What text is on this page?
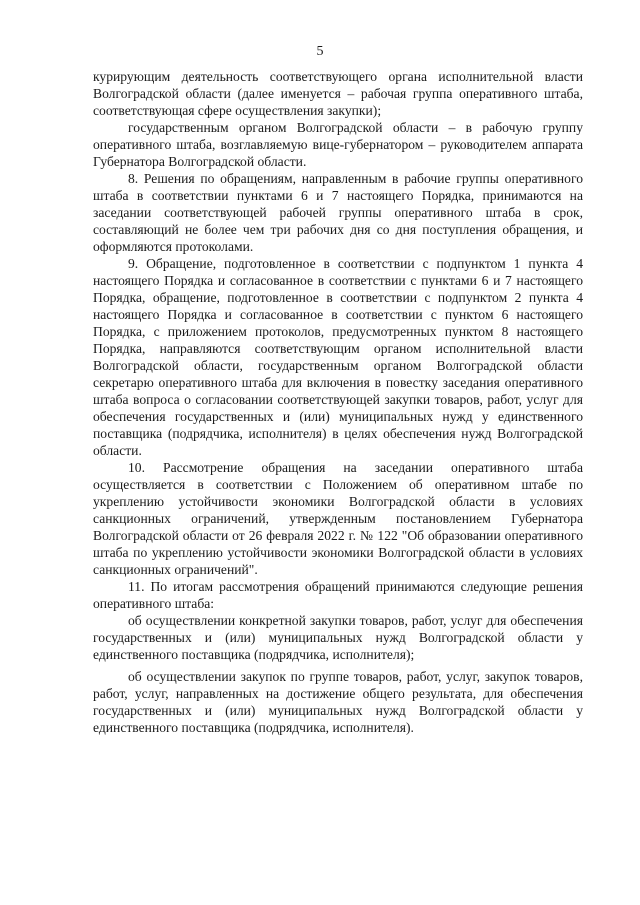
5

курирующим деятельность соответствующего органа исполнительной власти Волгоградской области (далее именуется – рабочая группа оперативного штаба, соответствующая сфере осуществления закупки);

государственным органом Волгоградской области – в рабочую группу оперативного штаба, возглавляемую вице-губернатором – руководителем аппарата Губернатора Волгоградской области.

8. Решения по обращениям, направленным в рабочие группы оперативного штаба в соответствии пунктами 6 и 7 настоящего Порядка, принимаются на заседании соответствующей рабочей группы оперативного штаба в срок, составляющий не более чем три рабочих дня со дня поступления обращения, и оформляются протоколами.

9. Обращение, подготовленное в соответствии с подпунктом 1 пункта 4 настоящего Порядка и согласованное в соответствии с пунктами 6 и 7 настоящего Порядка, обращение, подготовленное в соответствии с подпунктом 2 пункта 4 настоящего Порядка и согласованное в соответствии с пунктом 6 настоящего Порядка, с приложением протоколов, предусмотренных пунктом 8 настоящего Порядка, направляются соответствующим органом исполнительной власти Волгоградской области, государственным органом Волгоградской области секретарю оперативного штаба для включения в повестку заседания оперативного штаба вопроса о согласовании соответствующей закупки товаров, работ, услуг для обеспечения государственных и (или) муниципальных нужд у единственного поставщика (подрядчика, исполнителя) в целях обеспечения нужд Волгоградской области.

10. Рассмотрение обращения на заседании оперативного штаба осуществляется в соответствии с Положением об оперативном штабе по укреплению устойчивости экономики Волгоградской области в условиях санкционных ограничений, утвержденным постановлением Губернатора Волгоградской области от 26 февраля 2022 г. № 122 "Об образовании оперативного штаба по укреплению устойчивости экономики Волгоградской области в условиях санкционных ограничений".

11. По итогам рассмотрения обращений принимаются следующие решения оперативного штаба:

об осуществлении конкретной закупки товаров, работ, услуг для обеспечения государственных и (или) муниципальных нужд Волгоградской области у единственного поставщика (подрядчика, исполнителя);

об осуществлении закупок по группе товаров, работ, услуг, закупок товаров, работ, услуг, направленных на достижение общего результата, для обеспечения государственных и (или) муниципальных нужд Волгоградской области у единственного поставщика (подрядчика, исполнителя).
